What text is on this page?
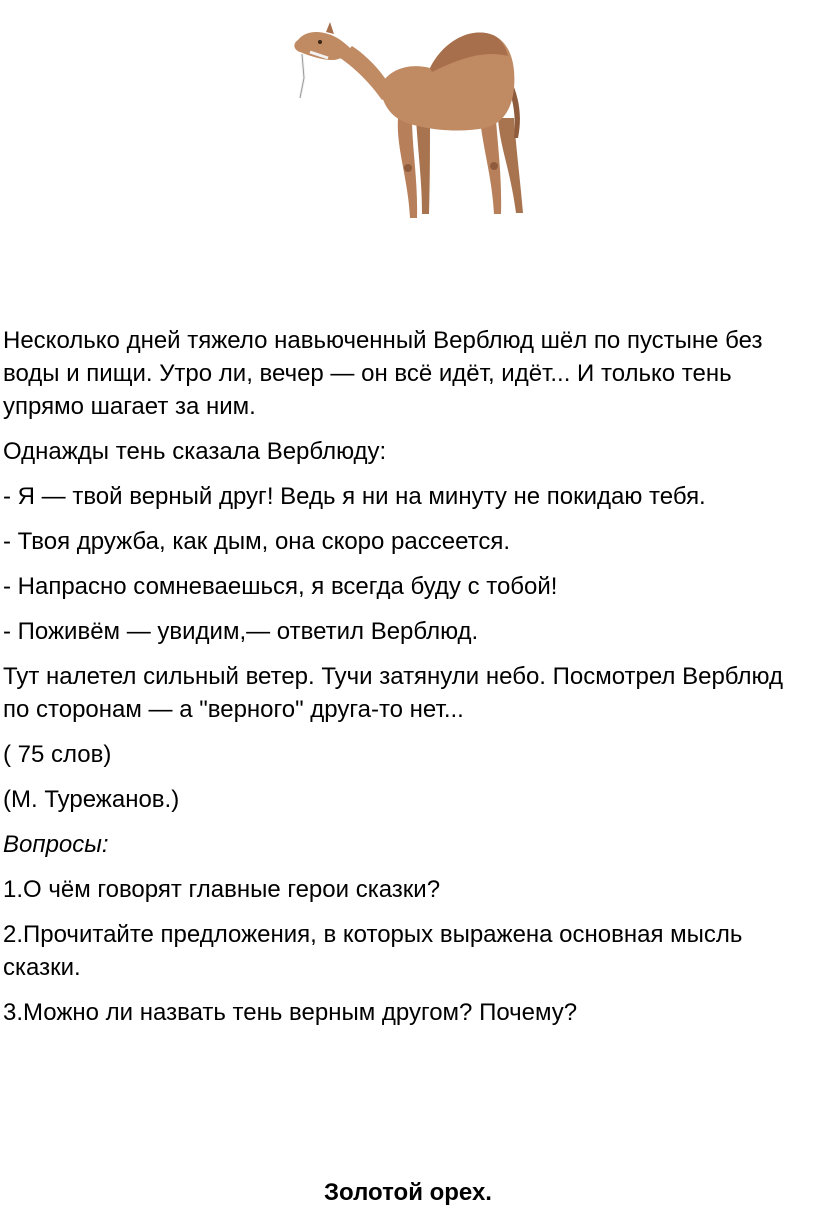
Несколько дней тяжело навьюченный Верблюд шёл по пустыне без воды и пищи. Утро ли, вечер — он всё идёт, идёт... И только тень упрямо шагает за ним.

Однажды тень сказала Верблюду:

- Я — твой верный друг! Ведь я ни на минуту не покидаю тебя.

- Твоя дружба, как дым, она скоро рассеется.

- Напрасно сомневаешься, я всегда буду с тобой!

- Поживём — увидим,— ответил Верблюд.

Тут налетел сильный ветер. Тучи затянули небо. Посмотрел Верблюд по сторонам — а "верного" друга-то нет...

( 75 слов)

(М. Турежанов.)

Вопросы:

1.О чём говорят главные герои сказки?

2.Прочитайте предложения, в которых выражена основная мысль сказки.

3.Можно ли назвать тень верным другом? Почему?

Золотой орех.
